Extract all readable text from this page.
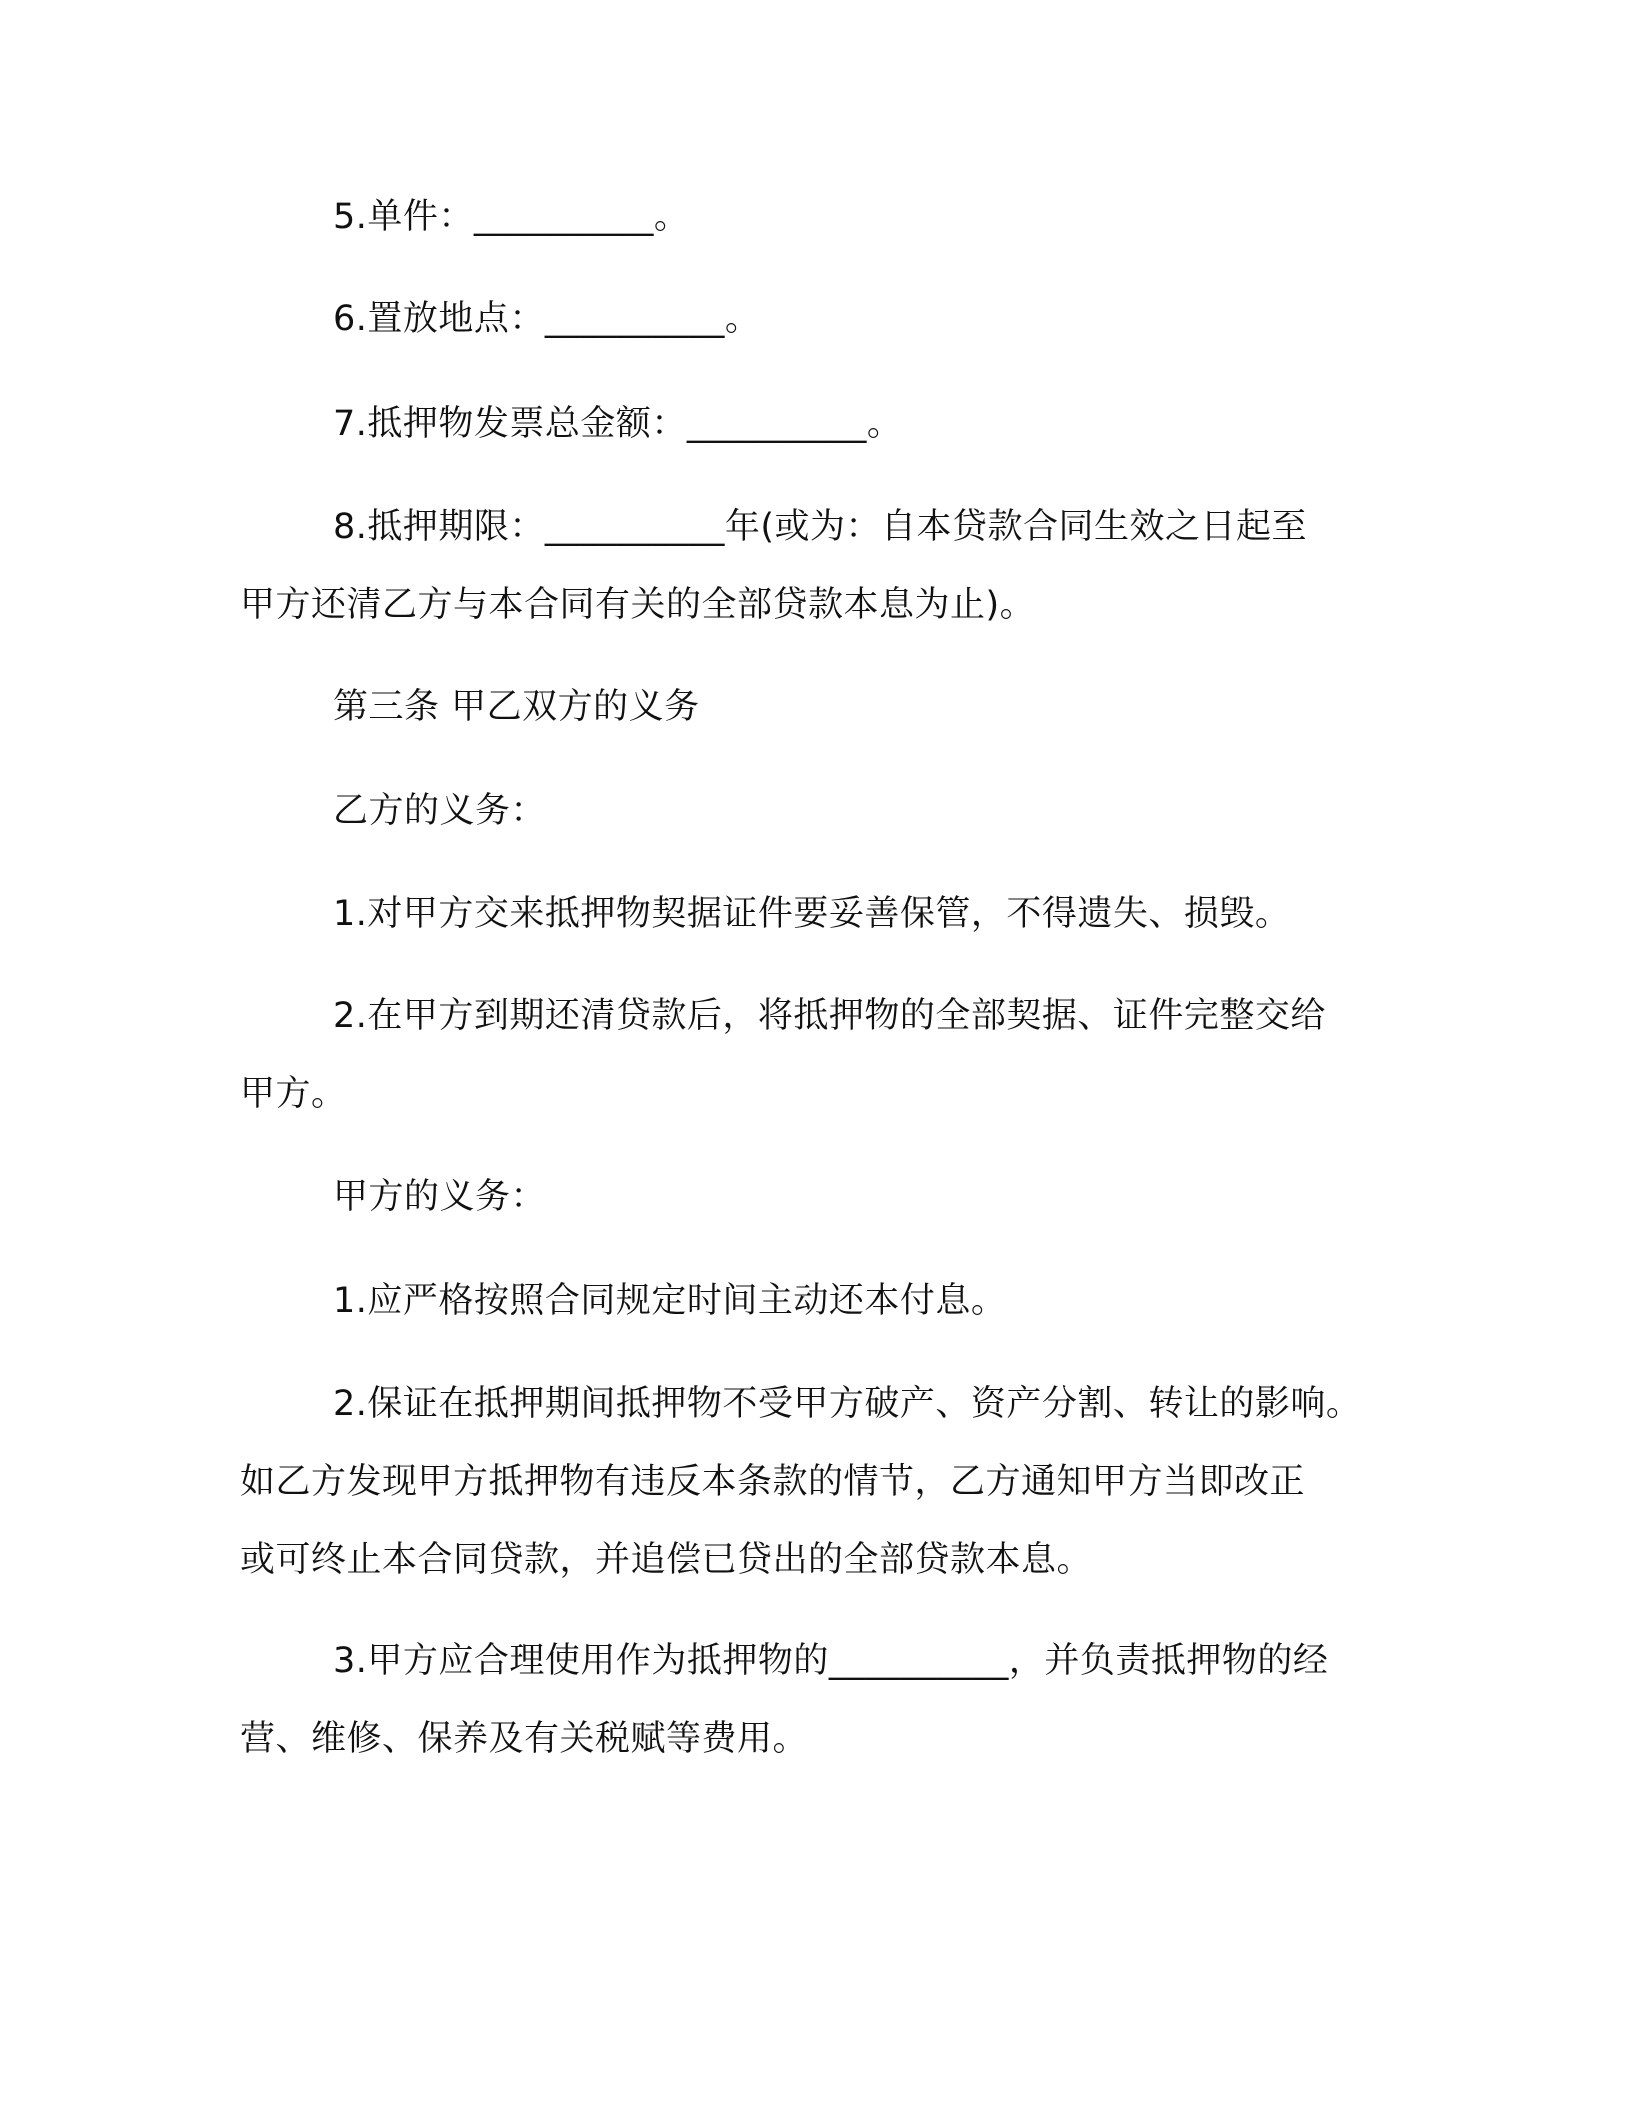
5.单件：__________。
6.置放地点：__________。
7.抵押物发票总金额：__________。
8.抵押期限：__________年(或为：自本贷款合同生效之日起至
甲方还清乙方与本合同有关的全部贷款本息为止)。
第三条 甲乙双方的义务
乙方的义务：
1.对甲方交来抵押物契据证件要妥善保管，不得遗失、损毁。
2.在甲方到期还清贷款后，将抵押物的全部契据、证件完整交给
甲方。
甲方的义务：
1.应严格按照合同规定时间主动还本付息。
2.保证在抵押期间抵押物不受甲方破产、资产分割、转让的影响。
如乙方发现甲方抵押物有违反本条款的情节，乙方通知甲方当即改正
或可终止本合同贷款，并追偿已贷出的全部贷款本息。
3.甲方应合理使用作为抵押物的__________，并负责抵押物的经
营、维修、保养及有关税赋等费用。
